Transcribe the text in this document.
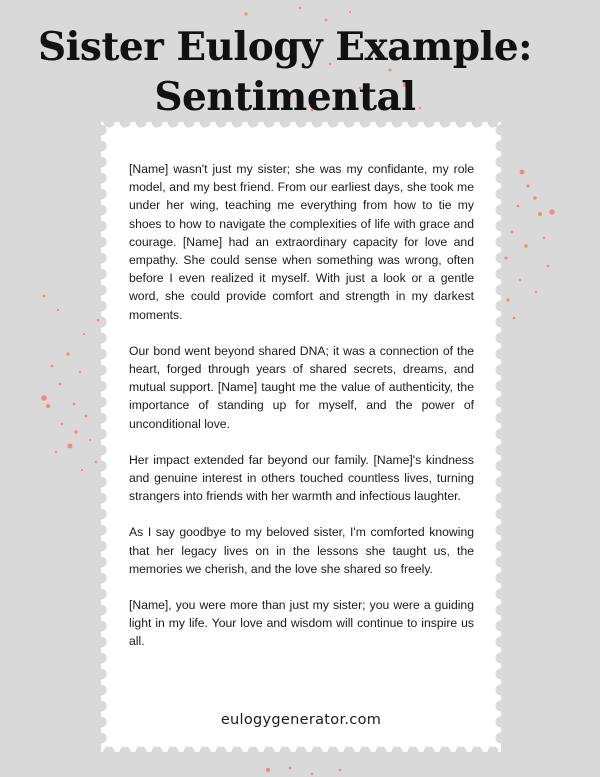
Sister Eulogy Example:
Sentimental

[Name] wasn't just my sister; she was my confidante, my role model, and my best friend. From our earliest days, she took me under her wing, teaching me everything from how to tie my shoes to how to navigate the complexities of life with grace and courage. [Name] had an extraordinary capacity for love and empathy. She could sense when something was wrong, often before I even realized it myself. With just a look or a gentle word, she could provide comfort and strength in my darkest moments.

Our bond went beyond shared DNA; it was a connection of the heart, forged through years of shared secrets, dreams, and mutual support. [Name] taught me the value of authenticity, the importance of standing up for myself, and the power of unconditional love.

Her impact extended far beyond our family. [Name]'s kindness and genuine interest in others touched countless lives, turning strangers into friends with her warmth and infectious laughter.

As I say goodbye to my beloved sister, I'm comforted knowing that her legacy lives on in the lessons she taught us, the memories we cherish, and the love she shared so freely.

[Name], you were more than just my sister; you were a guiding light in my life. Your love and wisdom will continue to inspire us all.

eulogygenerator.com
